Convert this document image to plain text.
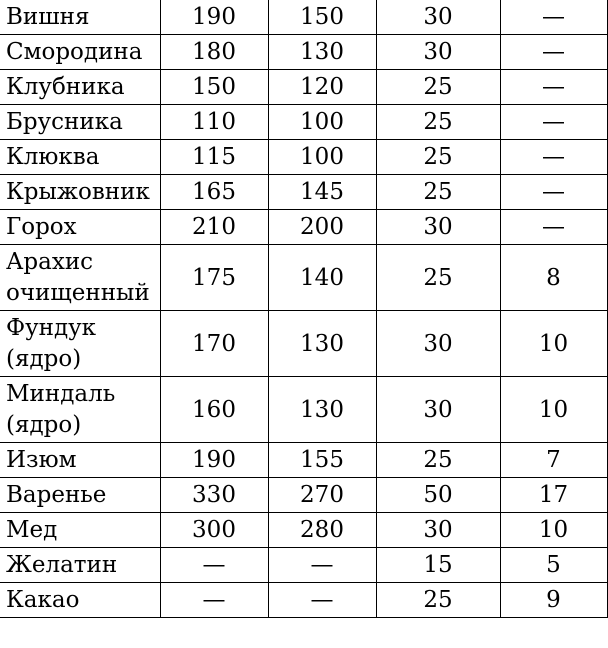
Вишня	190	150	30	—
Смородина	180	130	30	—
Клубника	150	120	25	—
Брусника	110	100	25	—
Клюква	115	100	25	—
Крыжовник	165	145	25	—
Горох	210	200	30	—
Арахис очищенный	175	140	25	8
Фундук (ядро)	170	130	30	10
Миндаль (ядро)	160	130	30	10
Изюм	190	155	25	7
Варенье	330	270	50	17
Мед	300	280	30	10
Желатин	—	—	15	5
Какао	—	—	25	9
